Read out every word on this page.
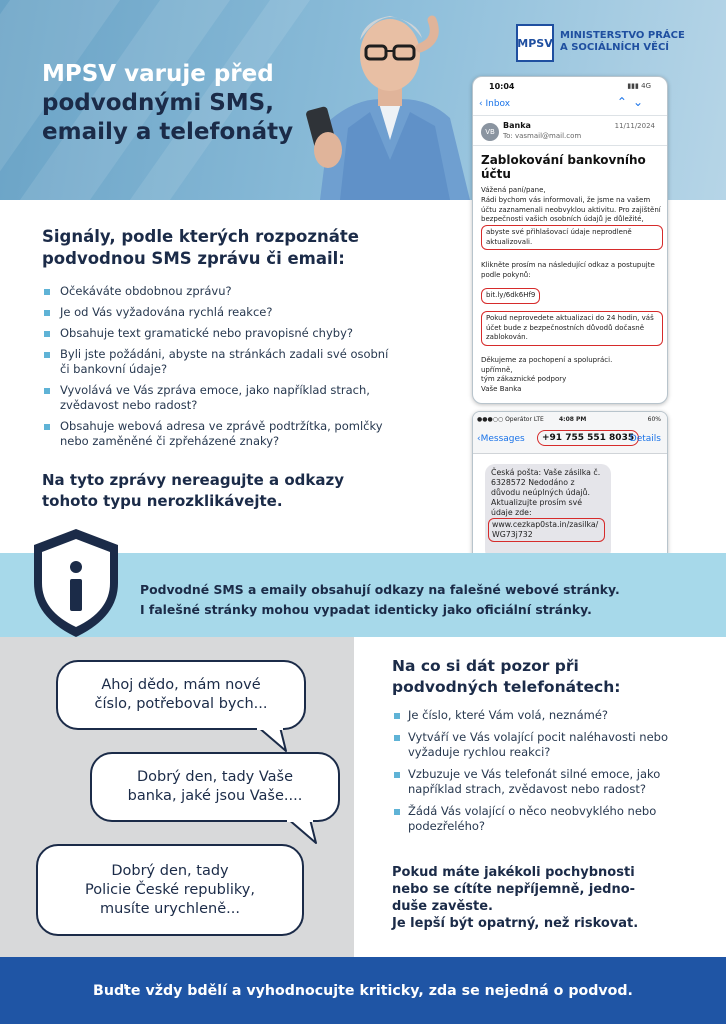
MPSV varuje před
podvodnými SMS,
emaily a telefonáty
MPSV
MINISTERSTVO PRÁCE
A SOCIÁLNÍCH VĚCÍ
10:04	▮▮▮ 4G
‹ Inbox	⌃⌄
VB
Banka
To: vasmail@mail.com
11/11/2024
Zablokování bankovního účtu
Vážená paní/pane,
Rádi bychom vás informovali, že jsme na vašem účtu zaznamenali neobvyklou aktivitu. Pro zajištění bezpečnosti vašich osobních údajů je důležité,
abyste své přihlašovací údaje neprodleně aktualizovali.
Klikněte prosím na následující odkaz a postupujte podle pokynů:
bit.ly/6dk6Hf9
Pokud neprovedete aktualizaci do 24 hodin, váš účet bude z bezpečnostních důvodů dočasně zablokován.
Děkujeme za pochopení a spolupráci.
upřímně,
tým zákaznické podpory
Vaše Banka
●●●○○ Operátor LTE	4:08 PM	60%
‹Messages	+91 755 551 8035
Details
Česká pošta: Vaše zásilka č. 6328572 Nedodáno z důvodu neúplných údajů. Aktualizujte prosím své údaje zde:
www.cezkap0sta.in/zasilka/WG73j732
Signály, podle kterých rozpoznáte
podvodnou SMS zprávu či email:
Očekáváte obdobnou zprávu?
Je od Vás vyžadována rychlá reakce?
Obsahuje text gramatické nebo pravopisné chyby?
Byli jste požádáni, abyste na stránkách zadali své osobní či bankovní údaje?
Vyvolává ve Vás zpráva emoce, jako například strach, zvědavost nebo radost?
Obsahuje webová adresa ve zprávě podtržítka, pomlčky nebo zaměněné či zpřeházené znaky?
Na tyto zprávy nereagujte a odkazy
tohoto typu nerozklikávejte.
Podvodné SMS a emaily obsahují odkazy na falešné webové stránky.
I falešné stránky mohou vypadat identicky jako oficiální stránky.
Ahoj dědo, mám nové
číslo, potřeboval bych...
Dobrý den, tady Vaše
banka, jaké jsou Vaše....
Dobrý den, tady
Policie České republiky,
musíte urychleně...
Na co si dát pozor při
podvodných telefonátech:
Je číslo, které Vám volá, neznámé?
Vytváří ve Vás volající pocit naléhavosti nebo vyžaduje rychlou reakci?
Vzbuzuje ve Vás telefonát silné emoce, jako například strach, zvědavost nebo radost?
Žádá Vás volající o něco neobvyklého nebo podezřelého?
Pokud máte jakékoli pochybnosti
nebo se cítíte nepříjemně, jedno-
duše zavěste.
Je lepší být opatrný, než riskovat.
Buďte vždy bdělí a vyhodnocujte kriticky, zda se nejedná o podvod.
